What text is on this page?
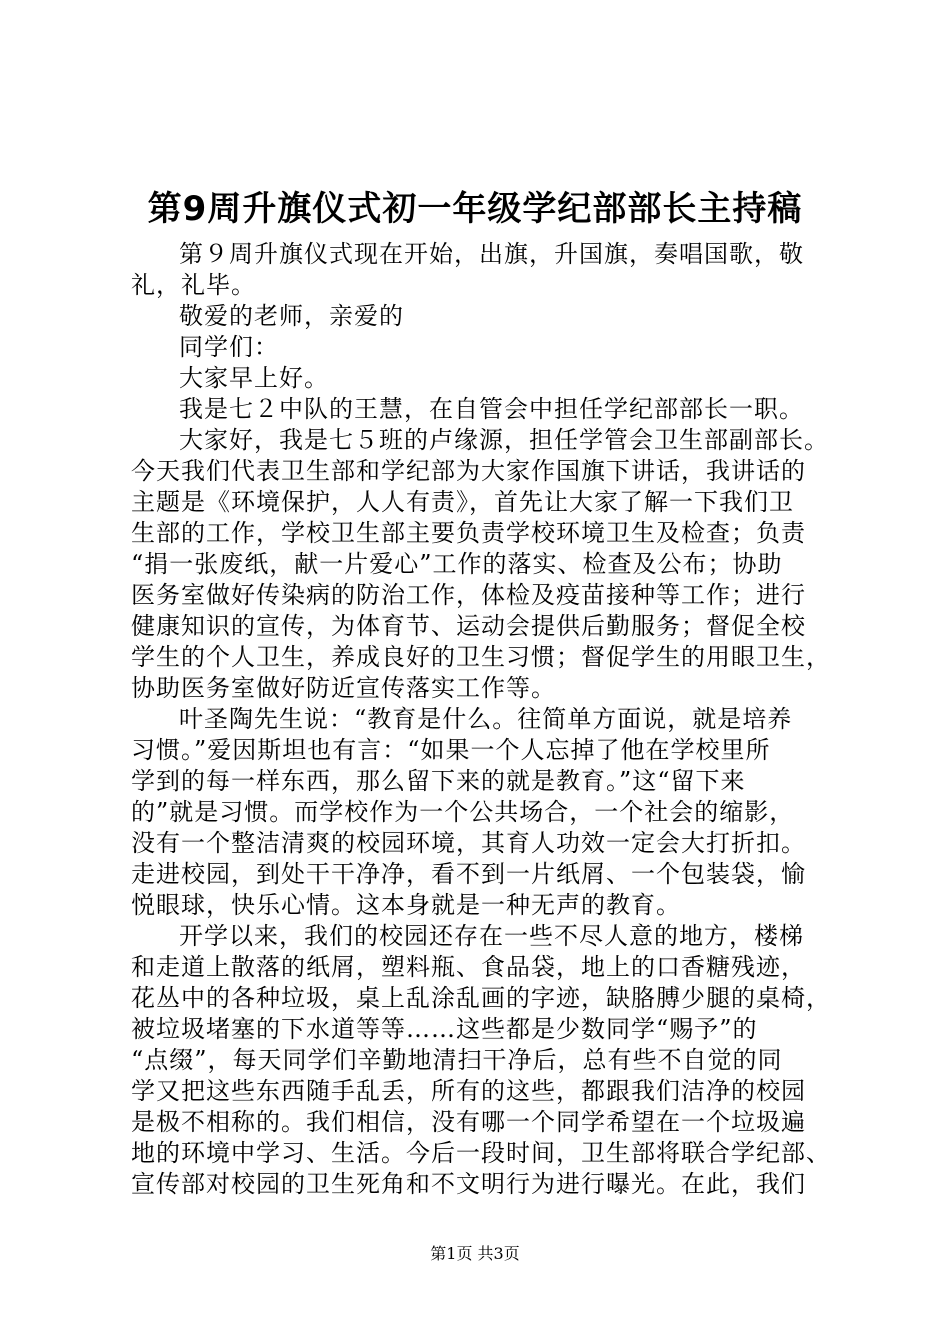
第9周升旗仪式初一年级学纪部部长主持稿
第９周升旗仪式现在开始，出旗，升国旗，奏唱国歌，敬
礼，礼毕。
敬爱的老师，亲爱的
同学们：
大家早上好。
我是七２中队的王慧，在自管会中担任学纪部部长一职。
大家好，我是七５班的卢缘源，担任学管会卫生部副部长。
今天我们代表卫生部和学纪部为大家作国旗下讲话，我讲话的
主题是《环境保护，人人有责》，首先让大家了解一下我们卫
生部的工作，学校卫生部主要负责学校环境卫生及检查；负责
“捐一张废纸，献一片爱心”工作的落实、检查及公布；协助
医务室做好传染病的防治工作，体检及疫苗接种等工作；进行
健康知识的宣传，为体育节、运动会提供后勤服务；督促全校
学生的个人卫生，养成良好的卫生习惯；督促学生的用眼卫生，
协助医务室做好防近宣传落实工作等。
叶圣陶先生说：“教育是什么。往简单方面说，就是培养
习惯。”爱因斯坦也有言：“如果一个人忘掉了他在学校里所
学到的每一样东西，那么留下来的就是教育。”这“留下来
的”就是习惯。而学校作为一个公共场合，一个社会的缩影，
没有一个整洁清爽的校园环境，其育人功效一定会大打折扣。
走进校园，到处干干净净，看不到一片纸屑、一个包装袋，愉
悦眼球，快乐心情。这本身就是一种无声的教育。
开学以来，我们的校园还存在一些不尽人意的地方，楼梯
和走道上散落的纸屑，塑料瓶、食品袋，地上的口香糖残迹，
花丛中的各种垃圾，桌上乱涂乱画的字迹，缺胳膊少腿的桌椅，
被垃圾堵塞的下水道等等……这些都是少数同学“赐予”的
“点缀”，每天同学们辛勤地清扫干净后，总有些不自觉的同
学又把这些东西随手乱丢，所有的这些，都跟我们洁净的校园
是极不相称的。我们相信，没有哪一个同学希望在一个垃圾遍
地的环境中学习、生活。今后一段时间，卫生部将联合学纪部、
宣传部对校园的卫生死角和不文明行为进行曝光。在此，我们
第1页 共3页
